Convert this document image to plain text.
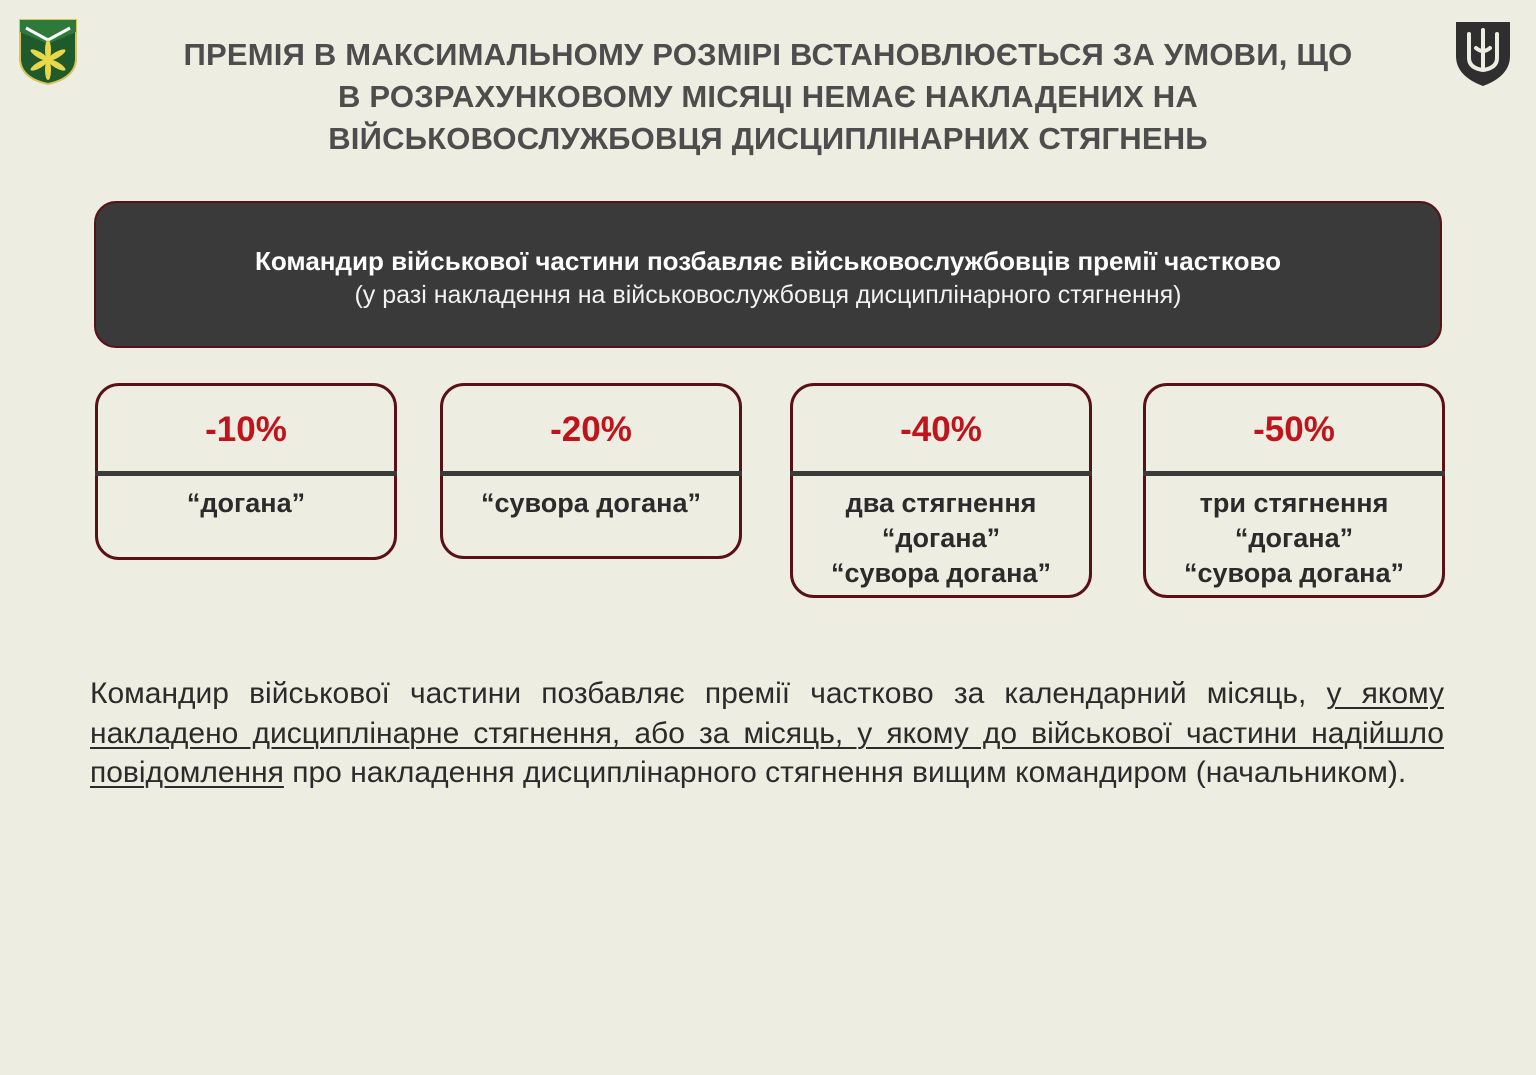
ПРЕМІЯ В МАКСИМАЛЬНОМУ РОЗМІРІ ВСТАНОВЛЮЄТЬСЯ ЗА УМОВИ, ЩО
В РОЗРАХУНКОВОМУ МІСЯЦІ НЕМАЄ НАКЛАДЕНИХ НА
ВІЙСЬКОВОСЛУЖБОВЦЯ ДИСЦИПЛІНАРНИХ СТЯГНЕНЬ
Командир військової частини позбавляє військовослужбовців премії частково
(у разі накладення на військовослужбовця дисциплінарного стягнення)
-10%
“догана”
-20%
“сувора догана”
-40%
два стягнення
“догана”
“сувора догана”
-50%
три стягнення
“догана”
“сувора догана”

Командир військової частини позбавляє премії частково за календарний місяць, у якому накладено дисциплінарне стягнення, або за місяць, у якому до військової частини надійшло повідомлення про накладення дисциплінарного стягнення вищим командиром (начальником).
